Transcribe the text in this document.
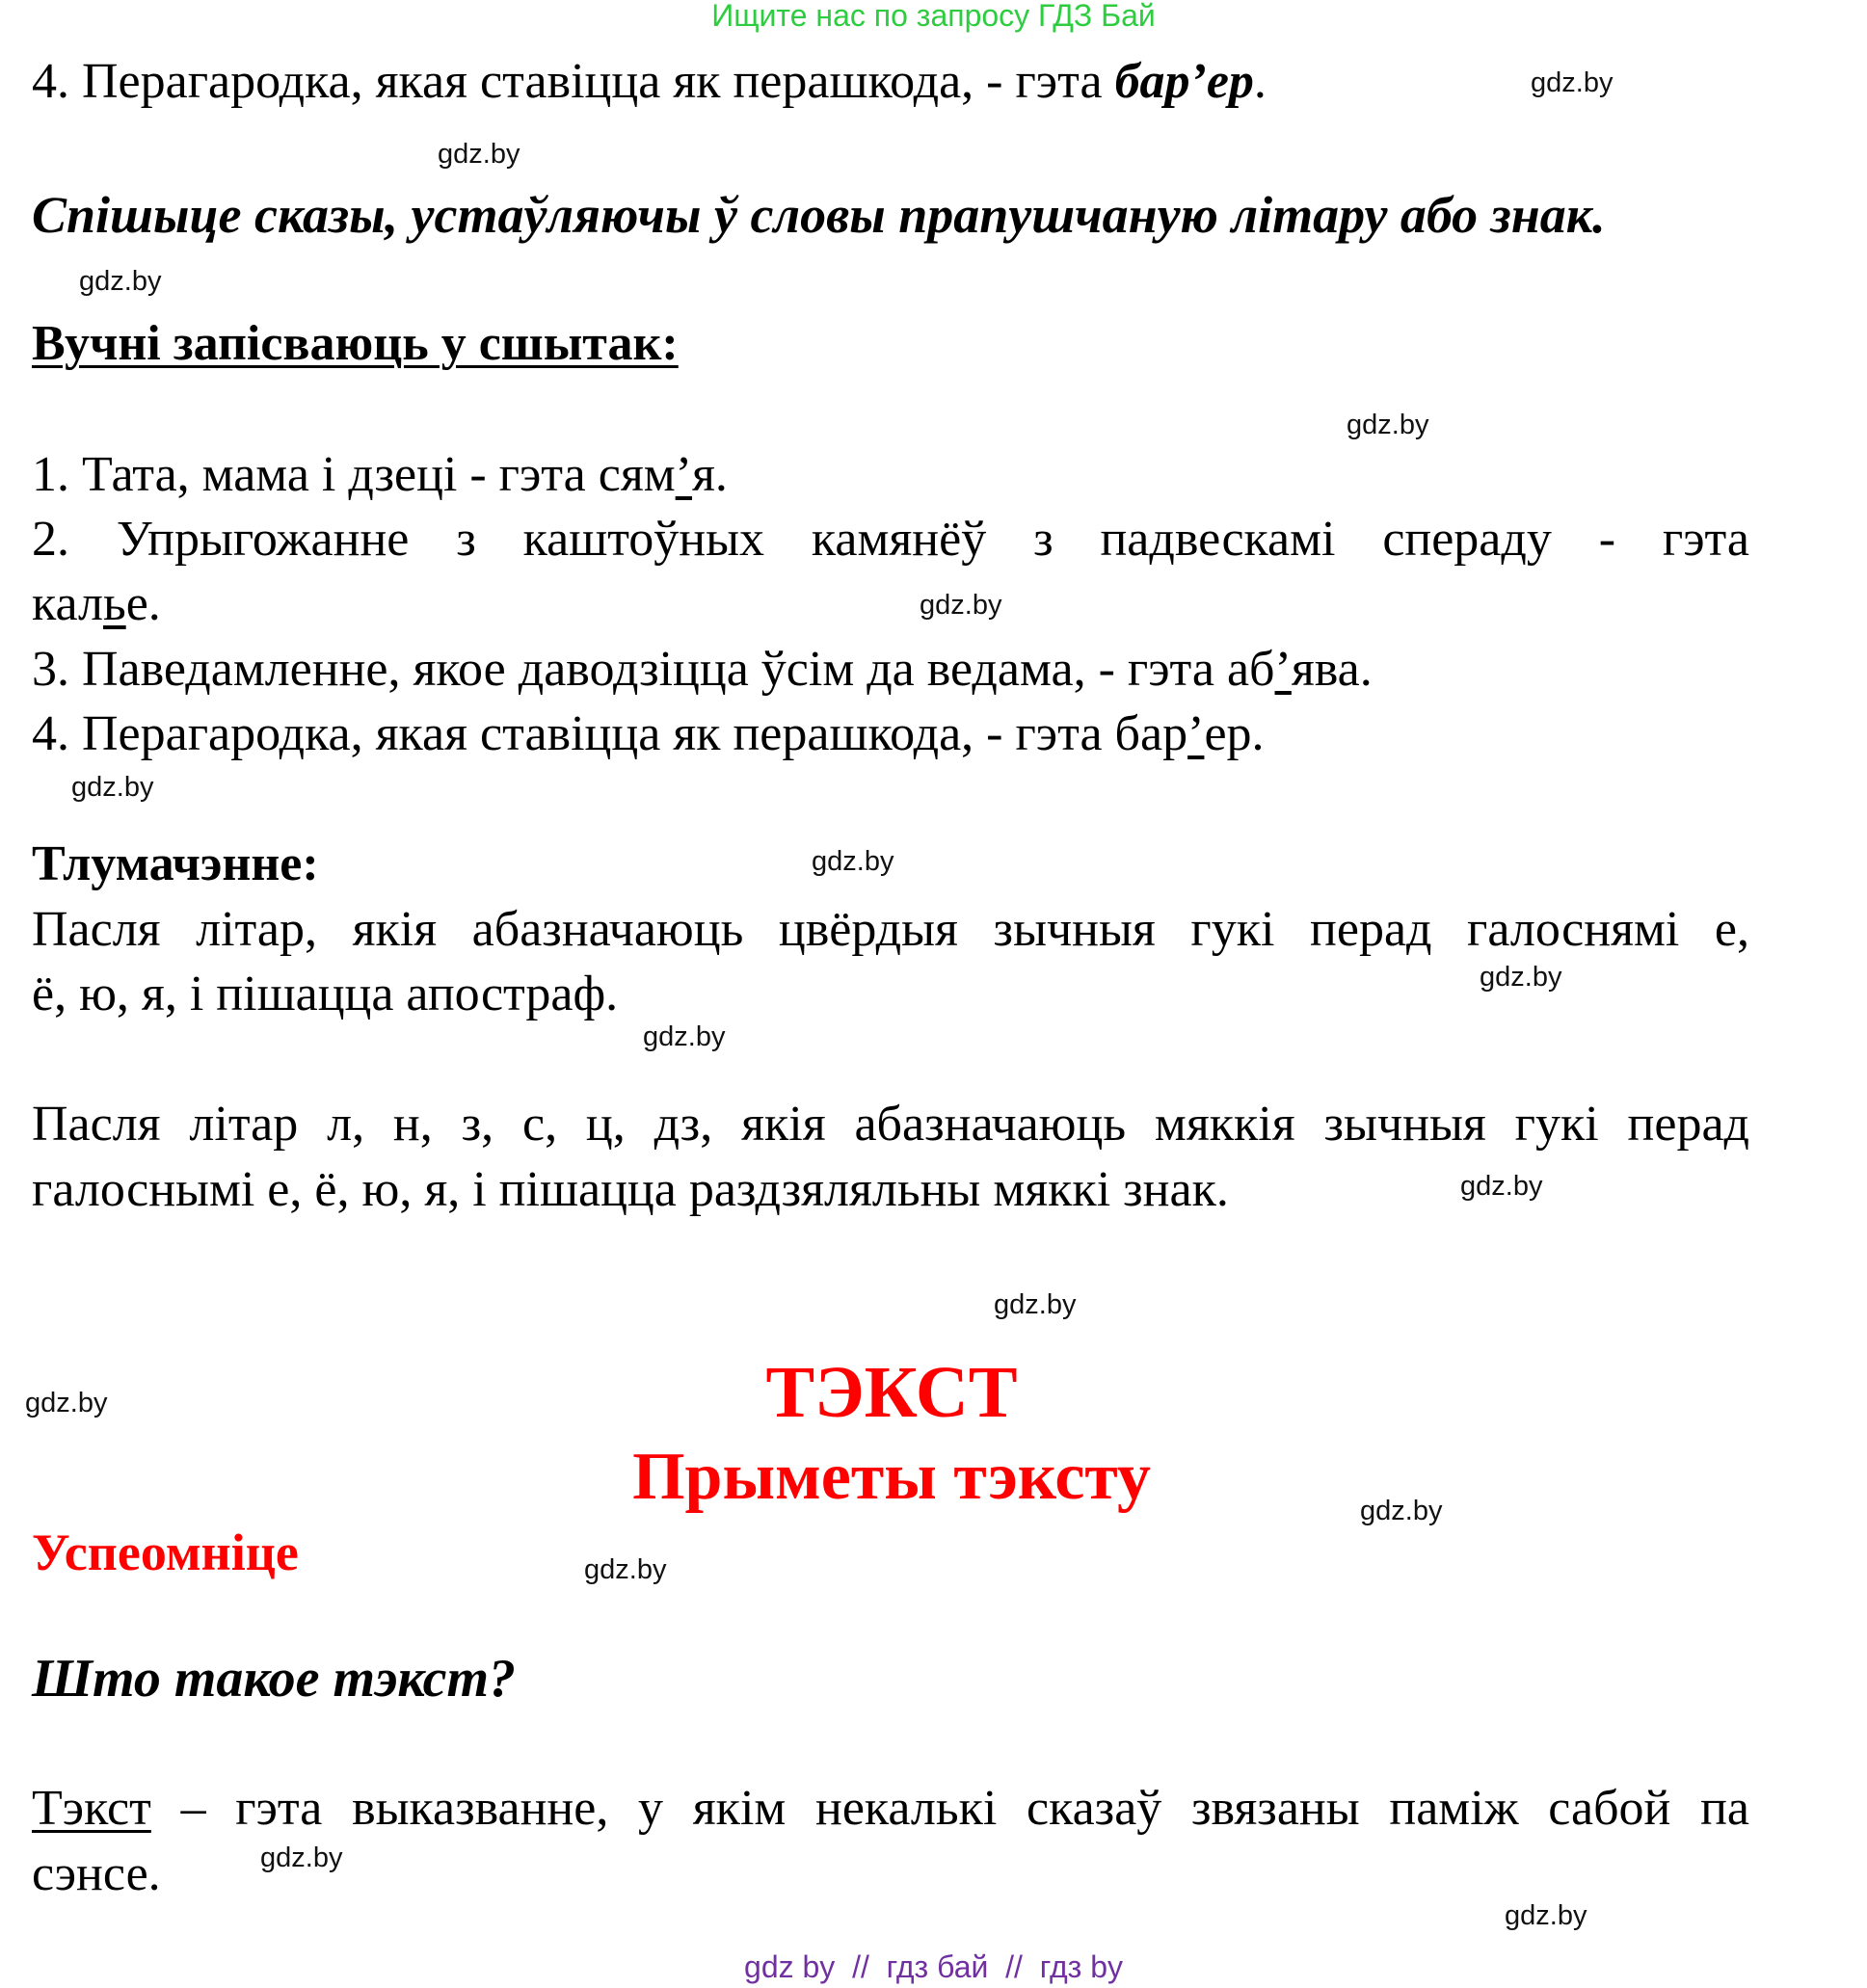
Ищите нас по запросу ГДЗ Бай
4. Перагародка, якая ставіцца як перашкода, - гэта бар’ер.
Спішыце сказы, устаўляючы ў словы прапушчаную літару або знак.
Вучні запісваюць у сшытак:
1. Тата, мама і дзеці - гэта сям’я.
2. Упрыгожанне з каштоўных камянёў з падвескамі спераду - гэта
калье.
3. Паведамленне, якое даводзіцца ўсім да ведама, - гэта аб’ява.
4. Перагародка, якая ставіцца як перашкода, - гэта бар’ер.
Тлумачэнне:
Пасля літар, якія абазначаюць цвёрдыя зычныя гукі перад галоснямі е,
ё, ю, я, і пішацца апостраф.
Пасля літар л, н, з, с, ц, дз, якія абазначаюць мяккія зычныя гукі перад
галоснымі е, ё, ю, я, і пішацца раздзяляльны мяккі знак.
ТЭКСТ
Прыметы тэксту
Успеомніце
Што такое тэкст?
Тэкст – гэта выказванне, у якім некалькі сказаў звязаны паміж сабой па
сэнсе.
gdz.by
gdz.by
gdz.by
gdz.by
gdz.by
gdz.by
gdz.by
gdz.by
gdz.by
gdz.by
gdz.by
gdz.by
gdz.by
gdz.by
gdz.by
gdz.by
gdz by  //  гдз бай  //  гдз by
